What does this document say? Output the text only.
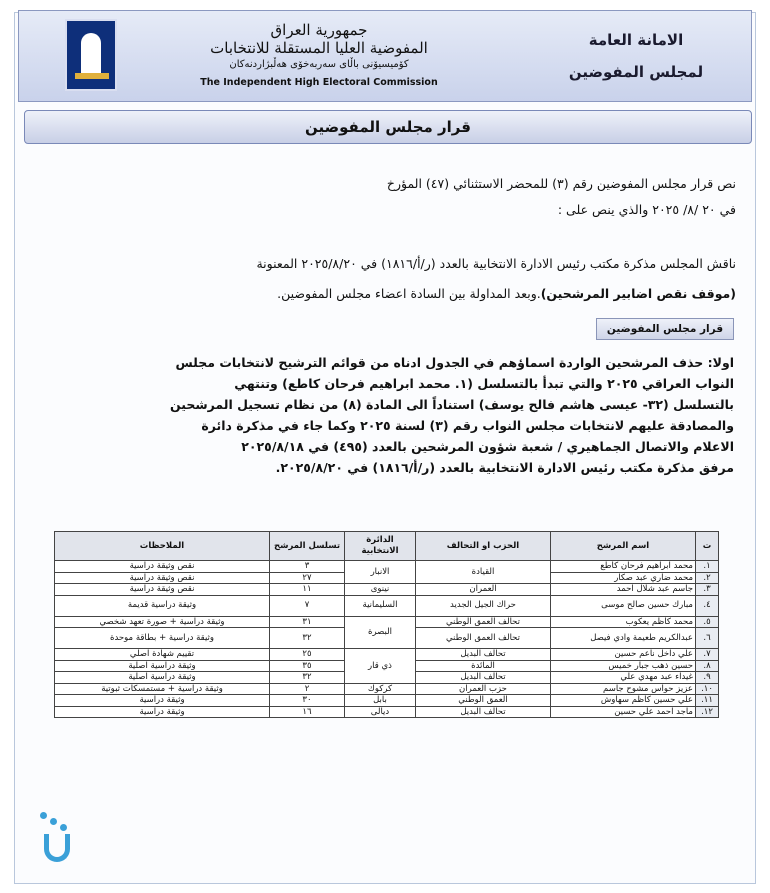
جمهورية العراق
المفوضية العليا المستقلة للانتخابات
كۆمیسیۆنی باڵای سەربەخۆی هەڵبژاردنەکان
The Independent High Electoral Commission
الامانة العامة
لمجلس المفوضين
قرار مجلس المفوضين
نص قرار مجلس المفوضين رقم (٣) للمحضر الاستثنائي (٤٧) المؤرخ
في ٢٠ /٨/ ٢٠٢٥ والذي ينص على :
ناقش المجلس مذكرة مكتب رئيس الادارة الانتخابية بالعدد (ر/أ/١٨١٦) في ٢٠٢٥/٨/٢٠ المعنونة
(موقف نقص اضابير المرشحين).وبعد المداولة بين السادة اعضاء مجلس المفوضين.
قرار مجلس المفوضين
اولا: حذف المرشحين الواردة اسماؤهم في الجدول ادناه من قوائم الترشيح لانتخابات مجلس
النواب العراقي ٢٠٢٥ والتي تبدأ بالتسلسل (١. محمد ابراهيم فرحان كاطع) وتنتهي
بالتسلسل (٣٢- عيسى هاشم فالح يوسف) استناداً الى المادة (٨) من نظام تسجيل المرشحين
والمصادقة عليهم لانتخابات مجلس النواب رقم (٣) لسنة ٢٠٢٥ وكما جاء في مذكرة دائرة
الاعلام والاتصال الجماهيري / شعبة شؤون المرشحين بالعدد (٤٩٥) في ٢٠٢٥/٨/١٨
مرفق مذكرة مكتب رئيس الادارة الانتخابية بالعدد (ر/أ/١٨١٦) في ٢٠٢٥/٨/٢٠.
ت	اسم المرشح	الحزب او التحالف	الدائرة الانتخابية	تسلسل المرشح	الملاحظات
١.	محمد ابراهيم فرحان كاطع	القيادة	الانبار	٣	نقص وثيقة دراسية
٢.	محمد ضاري عبد صكار			٢٧	نقص وثيقة دراسية
٣.	جاسم عبد شلال احمد	العمران	نينوى	١١	نقص وثيقة دراسية
٤.	مبارك حسين صالح موسى	حراك الجيل الجديد	السليمانية	٧	وثيقة دراسية قديمة
٥.	محمد كاظم يعكوب	تحالف العمق الوطني	البصرة	٣١	وثيقة دراسية + صورة تعهد شخصي
٦.	عبدالكريم طعيمة وادي فيصل	تحالف العمق الوطني		٣٢	وثيقة دراسية + بطاقة موحدة
٧.	علي داخل ناعم حسين	تحالف البديل	ذي قار	٢٥	تقييم شهادة اصلي
٨.	حسين ذهب جبار خميس	المائدة		٣٥	وثيقة دراسية اصلية
٩.	غيداء عبد مهدي علي	تحالف البديل		٣٢	وثيقة دراسية اصلية
١٠.	عزيز حواس مشوح جاسم	حزب العمران	كركوك	٢	وثيقة دراسية + مستمسكات ثبوتية
١١.	علي حسين كاظم سهاوش	العمق الوطني	بابل	٣٠	وثيقة دراسية
١٢.	ماجد احمد علي حسين	تحالف البديل	ديالى	١٦	وثيقة دراسية
